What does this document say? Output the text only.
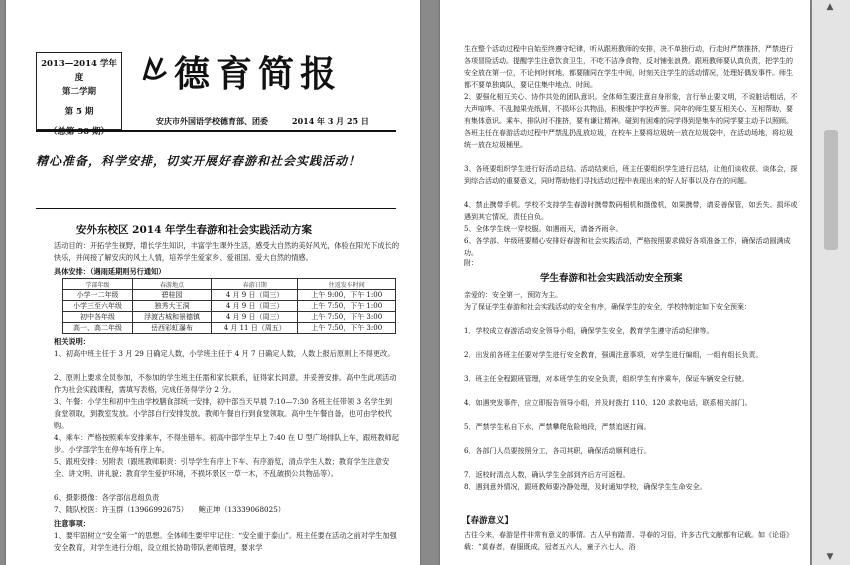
2013—2014 学年度
第二学期
第 5 期
（总第 90 期）
德育简报
安庆市外国语学校德育部、团委	2014 年 3 月 25 日
精心准备，科学安排，切实开展好春游和社会实践活动！
安外东校区 2014 年学生春游和社会实践活动方案
活动目的：开拓学生视野，增长学生知识，丰富学生课外生活，感受大自然的美好风光，体验在阳光下成长的快乐，并间接了解安庆的风土人情，培养学生爱家乡、爱祖国、爱大自然的情感。
具体安排：（遇雨延期则另行通知）
学部年级	春游地点	春游日期	往返发车时间
小学一二年级	碧桂园	4 月 9 日（周三）	上午 9:00，下午 1:00
小学三至六年级	独秀大王洞	4 月 9 日（周三）	上午 7:50，下午 1:00
初中各年级	浮渡古城和景德镇	4 月 9 日（周三）	上午 7:50，下午 3:00
高一、高二年级	岳西彩虹瀑布	4 月 11 日（周五）	上午 7:50，下午 3:00
相关说明：
1、初高中班主任于 3 月 29 日确定人数，小学班主任于 4 月 7 日确定人数，人数上报后原则上不得更改。
2、原则上要求全员参加，不参加的学生班主任需和家长联系，征得家长同意，并妥善安排。高中生此项活动作为社会实践课程，需填写表格，完成任务得学分 2 分。
3、午餐：小学生和初中生由学校膳食部统一安排，初中部当天早晨 7:10—7:30 各班主任带领 3 名学生到食堂领取，到教室发放。小学部自行安排发放。教师午餐自行到食堂领取。高中生午餐自备，也可由学校代购。
4、乘车：严格按照乘车安排乘车，不得坐错车。初高中部学生早上 7:40 在 U 型广场排队上车，跟班教师起步。小学部学生在停车场有序上车。
5、跟班安排：另附表（跟班教师职责：引导学生有序上下车、有序游览，清点学生人数；教育学生注意安全、讲文明、讲礼貌；教育学生爱护环境，不损坏景区一草一木，不乱破损公共物品等）。
6、摄影摄像：各学部信息组负责
7、随队校医：许玉群（13966992675）　　鲍正坤（13339068025）
注意事项：
1、要牢固树立“安全第一”的思想。全体师生要牢牢记住：“安全重于泰山”。班主任要在活动之前对学生加强安全教育，对学生进行分组，设立组长协助带队老师管理，要求学
生在整个活动过程中自始至终遵守纪律，听从跟班教师的安排，决不单独行动，行走时严禁推挤，严禁进行各项冒险活动。提醒学生注意饮食卫生，不吃不洁净食物，反对铺张浪费。跟班教师要认真负责，把学生的安全放在第一位，不论何时何地，都要随同在学生中间，时刻关注学生的活动情况，处理好偶发事件。师生都不要单独离队，要记住集中地点、时间。
2、要强化相互关心、协作共处的团队意识。全体师生要注意自身形象，言行举止要文明，不说脏话粗话，不大声喧哗。不乱抛果壳纸屑，不损坏公共物品，积极维护学校声誉。同年的师生要互相关心、互相帮助，要有集体意识。乘车、排队时不推挤，要有谦让精神。碰到有困难的同学得到是集车的同学要主动予以照顾。各班主任在春游活动过程中严禁乱扔乱放垃圾，在校车上要将垃圾统一放在垃圾袋中，在活动场地，将垃圾统一放在垃圾桶里。
3、各班要组织学生进行好活动总结。活动结束后，班主任要组织学生进行总结，让他们谈收获、谈体会，探到综合活动的重要意义，同时帮助他们寻找活动过程中表现出来的好人好事以及存在的问题。
4、禁止携带手机。学校不支持学生春游时携带数码相机和摄像机，如果携带，请妥善保管，如丢失、损坏或遇到其它情况，责任自负。
5、全体学生统一穿校服。如遇雨天，请备齐雨伞。
6、各学部、年级班要精心安排好春游和社会实践活动，严格按照要求做好各项准备工作，确保活动圆满成功。
附：
学生春游和社会实践活动安全预案
亲爱的：安全第一，预防为主。
为了保证学生春游和社会实践活动的安全有序，确保学生的安全，学校特制定如下安全预案：
1．学校成立春游活动安全领导小组，确保学生安全，教育学生遵守活动纪律等。
2．出发前各班主任要对学生进行安全教育，强调注意事项，对学生进行编组，一组有组长负责。
3．班主任全程跟班管理，对本班学生的安全负责，组织学生有序乘车，保证车辆安全行驶。
4．如遇突发事件，应立即报告领导小组，并及时拨打 110、120 求救电话，联系相关部门。
5．严禁学生私自下水，严禁攀爬危险地段，严禁追逐打闹。
6．各部门人员要按照分工，各司其职，确保活动顺利进行。
7．返校时清点人数，确认学生全部到齐后方可返程。
8．遇到意外情况，跟班教师要冷静处理，及时通知学校，确保学生生命安全。
【春游意义】
古往今来，春游是件非常有意义的事情。古人早有踏青、寻春的习俗，许多古代文献都有记载。如《论语》载：“莫春者，春服既成，冠者五六人，童子六七人，浴
▲
▼
